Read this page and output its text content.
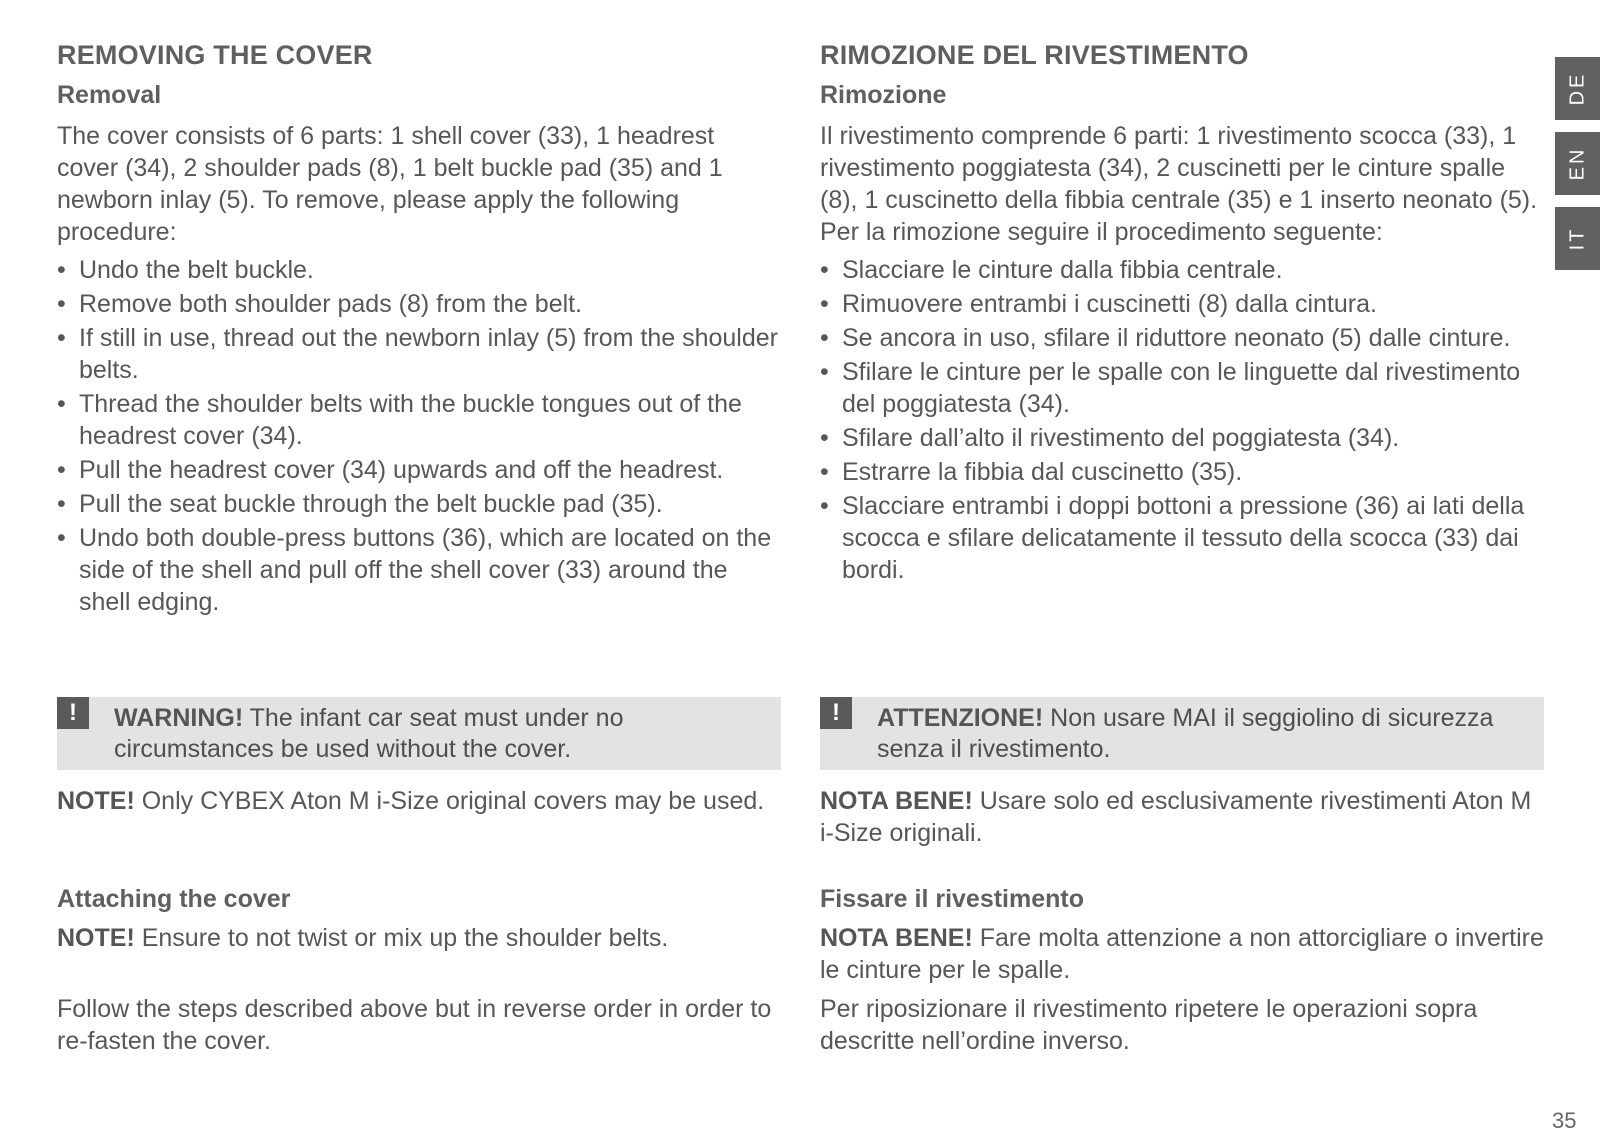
REMOVING THE COVER
Removal
The cover consists of 6 parts: 1 shell cover (33), 1 headrest cover (34), 2 shoulder pads (8), 1 belt buckle pad (35) and 1 newborn inlay (5). To remove, please apply the following procedure:
• Undo the belt buckle.
• Remove both shoulder pads (8) from the belt.
• If still in use, thread out the newborn inlay (5) from the shoulder belts.
• Thread the shoulder belts with the buckle tongues out of the headrest cover (34).
• Pull the headrest cover (34) upwards and off the headrest.
• Pull the seat buckle through the belt buckle pad (35).
• Undo both double-press buttons (36), which are located on the side of the shell and pull off the shell cover (33) around the shell edging.
!	WARNING! The infant car seat must under no circumstances be used without the cover.
NOTE! Only CYBEX Aton M i-Size original covers may be used.
Attaching the cover
NOTE! Ensure to not twist or mix up the shoulder belts.
Follow the steps described above but in reverse order in order to re-fasten the cover.
RIMOZIONE DEL RIVESTIMENTO
Rimozione
Il rivestimento comprende 6 parti: 1 rivestimento scocca (33), 1 rivestimento poggiatesta (34), 2 cuscinetti per le cinture spalle (8), 1 cuscinetto della fibbia centrale (35) e 1 inserto neonato (5). Per la rimozione seguire il procedimento seguente:
• Slacciare le cinture dalla fibbia centrale.
• Rimuovere entrambi i cuscinetti (8) dalla cintura.
• Se ancora in uso, sfilare il riduttore neonato (5) dalle cinture.
• Sfilare le cinture per le spalle con le linguette dal rivestimento del poggiatesta (34).
• Sfilare dall’alto il rivestimento del poggiatesta (34).
• Estrarre la fibbia dal cuscinetto (35).
• Slacciare entrambi i doppi bottoni a pressione (36) ai lati della scocca e sfilare delicatamente il tessuto della scocca (33) dai bordi.
!	ATTENZIONE! Non usare MAI il seggiolino di sicurezza senza il rivestimento.
NOTA BENE! Usare solo ed esclusivamente rivestimenti Aton M i-Size originali.
Fissare il rivestimento
NOTA BENE! Fare molta attenzione a non attorcigliare o invertire le cinture per le spalle.
Per riposizionare il rivestimento ripetere le operazioni sopra descritte nell’ordine inverso.
DE
EN
IT
35
